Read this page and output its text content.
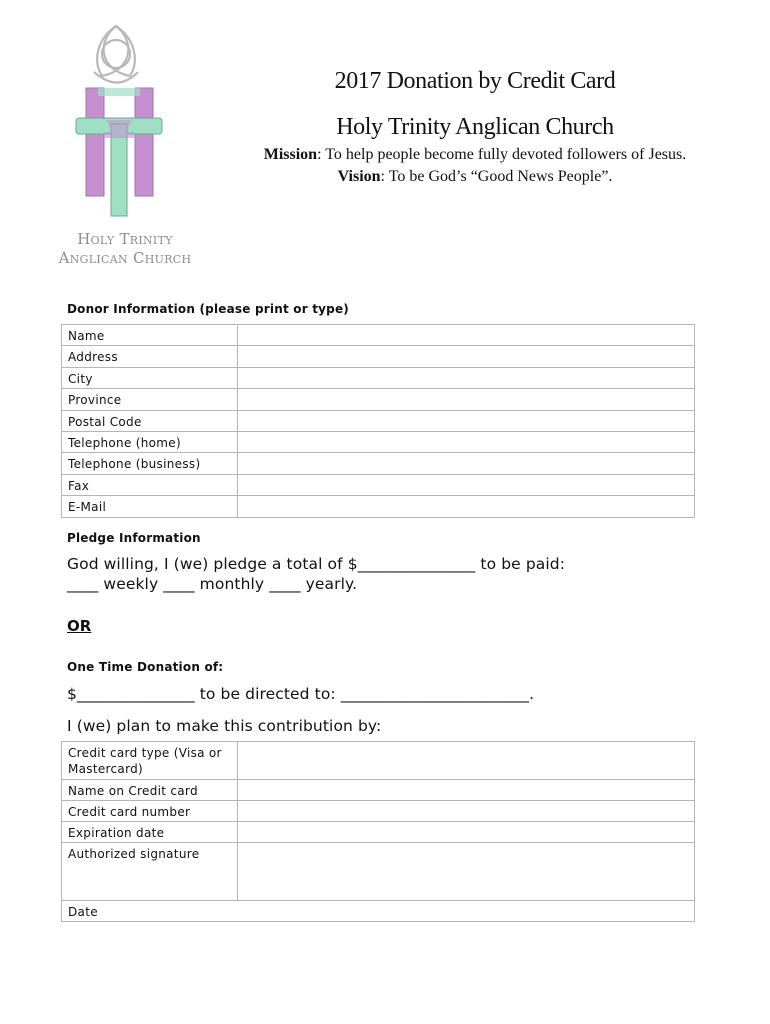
Holy Trinity
Anglican Church
2017 Donation by Credit Card
Holy Trinity Anglican Church
Mission: To help people become fully devoted followers of Jesus.
Vision: To be God’s “Good News People”.
Donor Information (please print or type)
Name	
Address	
City	
Province	
Postal Code	
Telephone (home)	
Telephone (business)	
Fax	
E-Mail	
Pledge Information
God willing, I (we) pledge a total of $_______________ to be paid:
____ weekly ____ monthly ____ yearly.
OR
One Time Donation of:
$_______________ to be directed to: ________________________.
I (we) plan to make this contribution by:
Credit card type (Visa or Mastercard)	
Name on Credit card	
Credit card number	
Expiration date	
Authorized signature	
Date	
